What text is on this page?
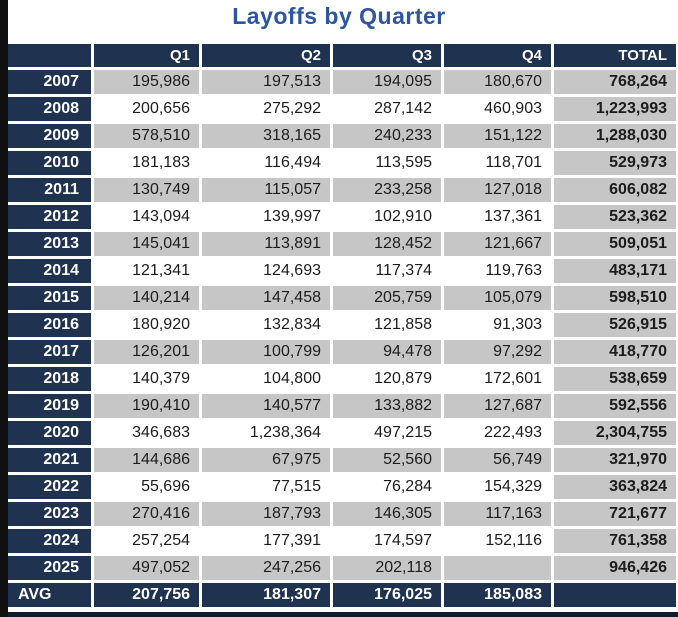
Layoffs by Quarter
	Q1	Q2	Q3	Q4	TOTAL
2007	195,986	197,513	194,095	180,670	768,264
2008	200,656	275,292	287,142	460,903	1,223,993
2009	578,510	318,165	240,233	151,122	1,288,030
2010	181,183	116,494	113,595	118,701	529,973
2011	130,749	115,057	233,258	127,018	606,082
2012	143,094	139,997	102,910	137,361	523,362
2013	145,041	113,891	128,452	121,667	509,051
2014	121,341	124,693	117,374	119,763	483,171
2015	140,214	147,458	205,759	105,079	598,510
2016	180,920	132,834	121,858	91,303	526,915
2017	126,201	100,799	94,478	97,292	418,770
2018	140,379	104,800	120,879	172,601	538,659
2019	190,410	140,577	133,882	127,687	592,556
2020	346,683	1,238,364	497,215	222,493	2,304,755
2021	144,686	67,975	52,560	56,749	321,970
2022	55,696	77,515	76,284	154,329	363,824
2023	270,416	187,793	146,305	117,163	721,677
2024	257,254	177,391	174,597	152,116	761,358
2025	497,052	247,256	202,118		946,426
AVG	207,756	181,307	176,025	185,083	
